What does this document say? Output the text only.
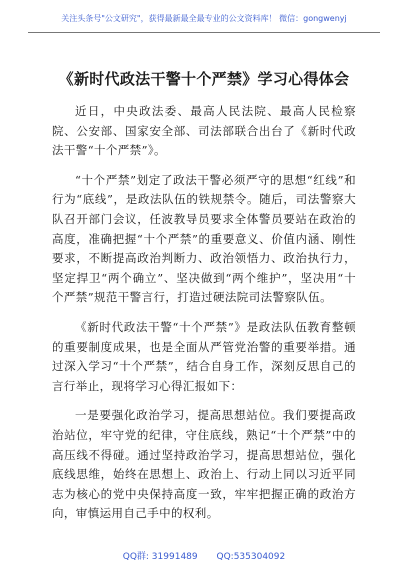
关注头条号"公文研究"，获得最新最全最专业的公文资料库！ 微信：gongwenyj
《新时代政法干警十个严禁》学习心得体会

近日，中央政法委、最高人民法院、最高人民检察院、公安部、国家安全部、司法部联合出台了《新时代政法干警“十个严禁”》。

“十个严禁”划定了政法干警必须严守的思想“红线”和行为“底线”，是政法队伍的铁规禁令。随后，司法警察大队召开部门会议，任波教导员要求全体警员要站在政治的高度，准确把握“十个严禁”的重要意义、价值内涵、刚性要求，不断提高政治判断力、政治领悟力、政治执行力，坚定捍卫“两个确立”、坚决做到“两个维护”，坚决用“十个严禁”规范干警言行，打造过硬法院司法警察队伍。

《新时代政法干警“十个严禁”》是政法队伍教育整顿的重要制度成果，也是全面从严管党治警的重要举措。通过深入学习“十个严禁”，结合自身工作，深刻反思自己的言行举止，现将学习心得汇报如下：

一是要强化政治学习，提高思想站位。我们要提高政治站位，牢守党的纪律，守住底线，熟记“十个严禁”中的高压线不得碰。通过坚持政治学习，提高思想站位，强化底线思维，始终在思想上、政治上、行动上同以习近平同志为核心的党中央保持高度一致，牢牢把握正确的政治方向，审慎运用自己手中的权利。

QQ群: 31991489 QQ:535304092
